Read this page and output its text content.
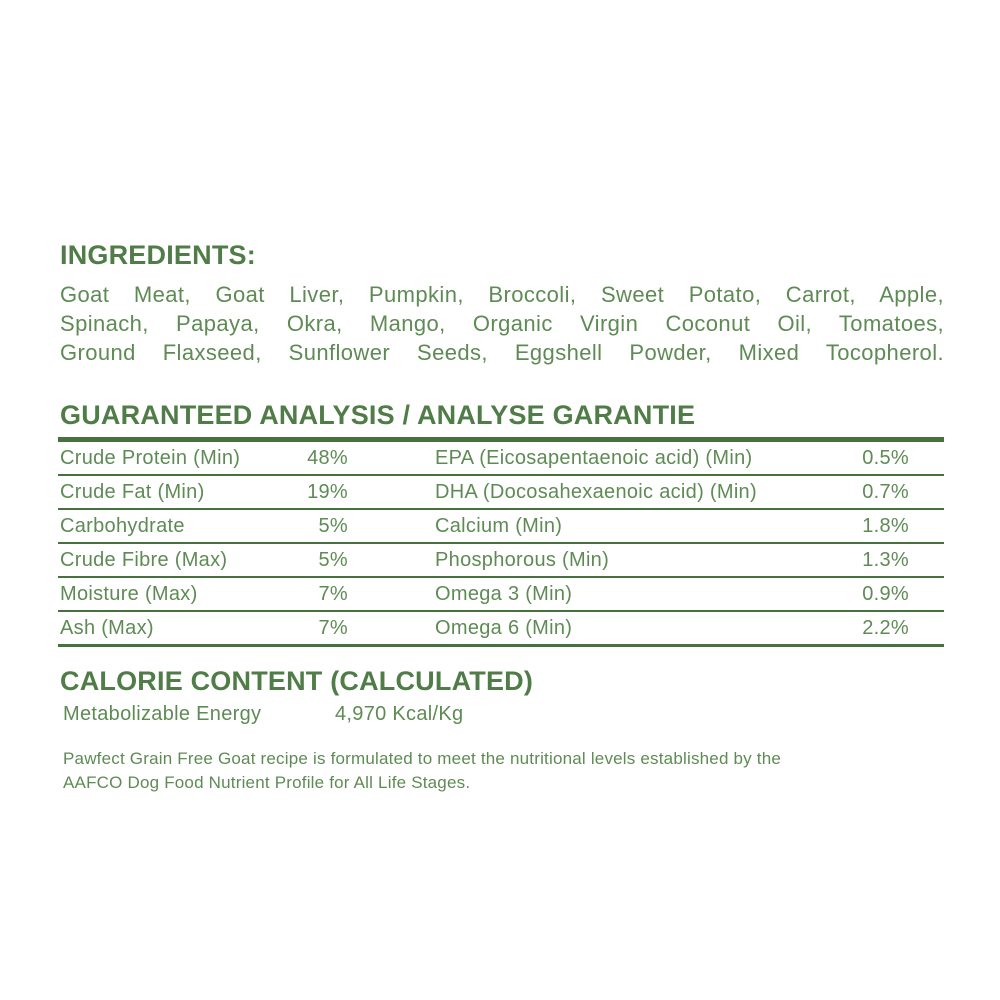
INGREDIENTS:
Goat Meat, Goat Liver, Pumpkin, Broccoli, Sweet Potato, Carrot, Apple,
Spinach, Papaya, Okra, Mango, Organic Virgin Coconut Oil, Tomatoes,
Ground Flaxseed, Sunflower Seeds, Eggshell Powder, Mixed Tocopherol.
GUARANTEED ANALYSIS / ANALYSE GARANTIE
Crude Protein (Min)	48%	EPA (Eicosapentaenoic acid) (Min)	0.5%
Crude Fat (Min)	19%	DHA (Docosahexaenoic acid) (Min)	0.7%
Carbohydrate	5%	Calcium (Min)	1.8%
Crude Fibre (Max)	5%	Phosphorous (Min)	1.3%
Moisture (Max)	7%	Omega 3 (Min)	0.9%
Ash (Max)	7%	Omega 6 (Min)	2.2%
CALORIE CONTENT (CALCULATED)
Metabolizable Energy	4,970 Kcal/Kg
Pawfect Grain Free Goat recipe is formulated to meet the nutritional levels established by the
AAFCO Dog Food Nutrient Profile for All Life Stages.
